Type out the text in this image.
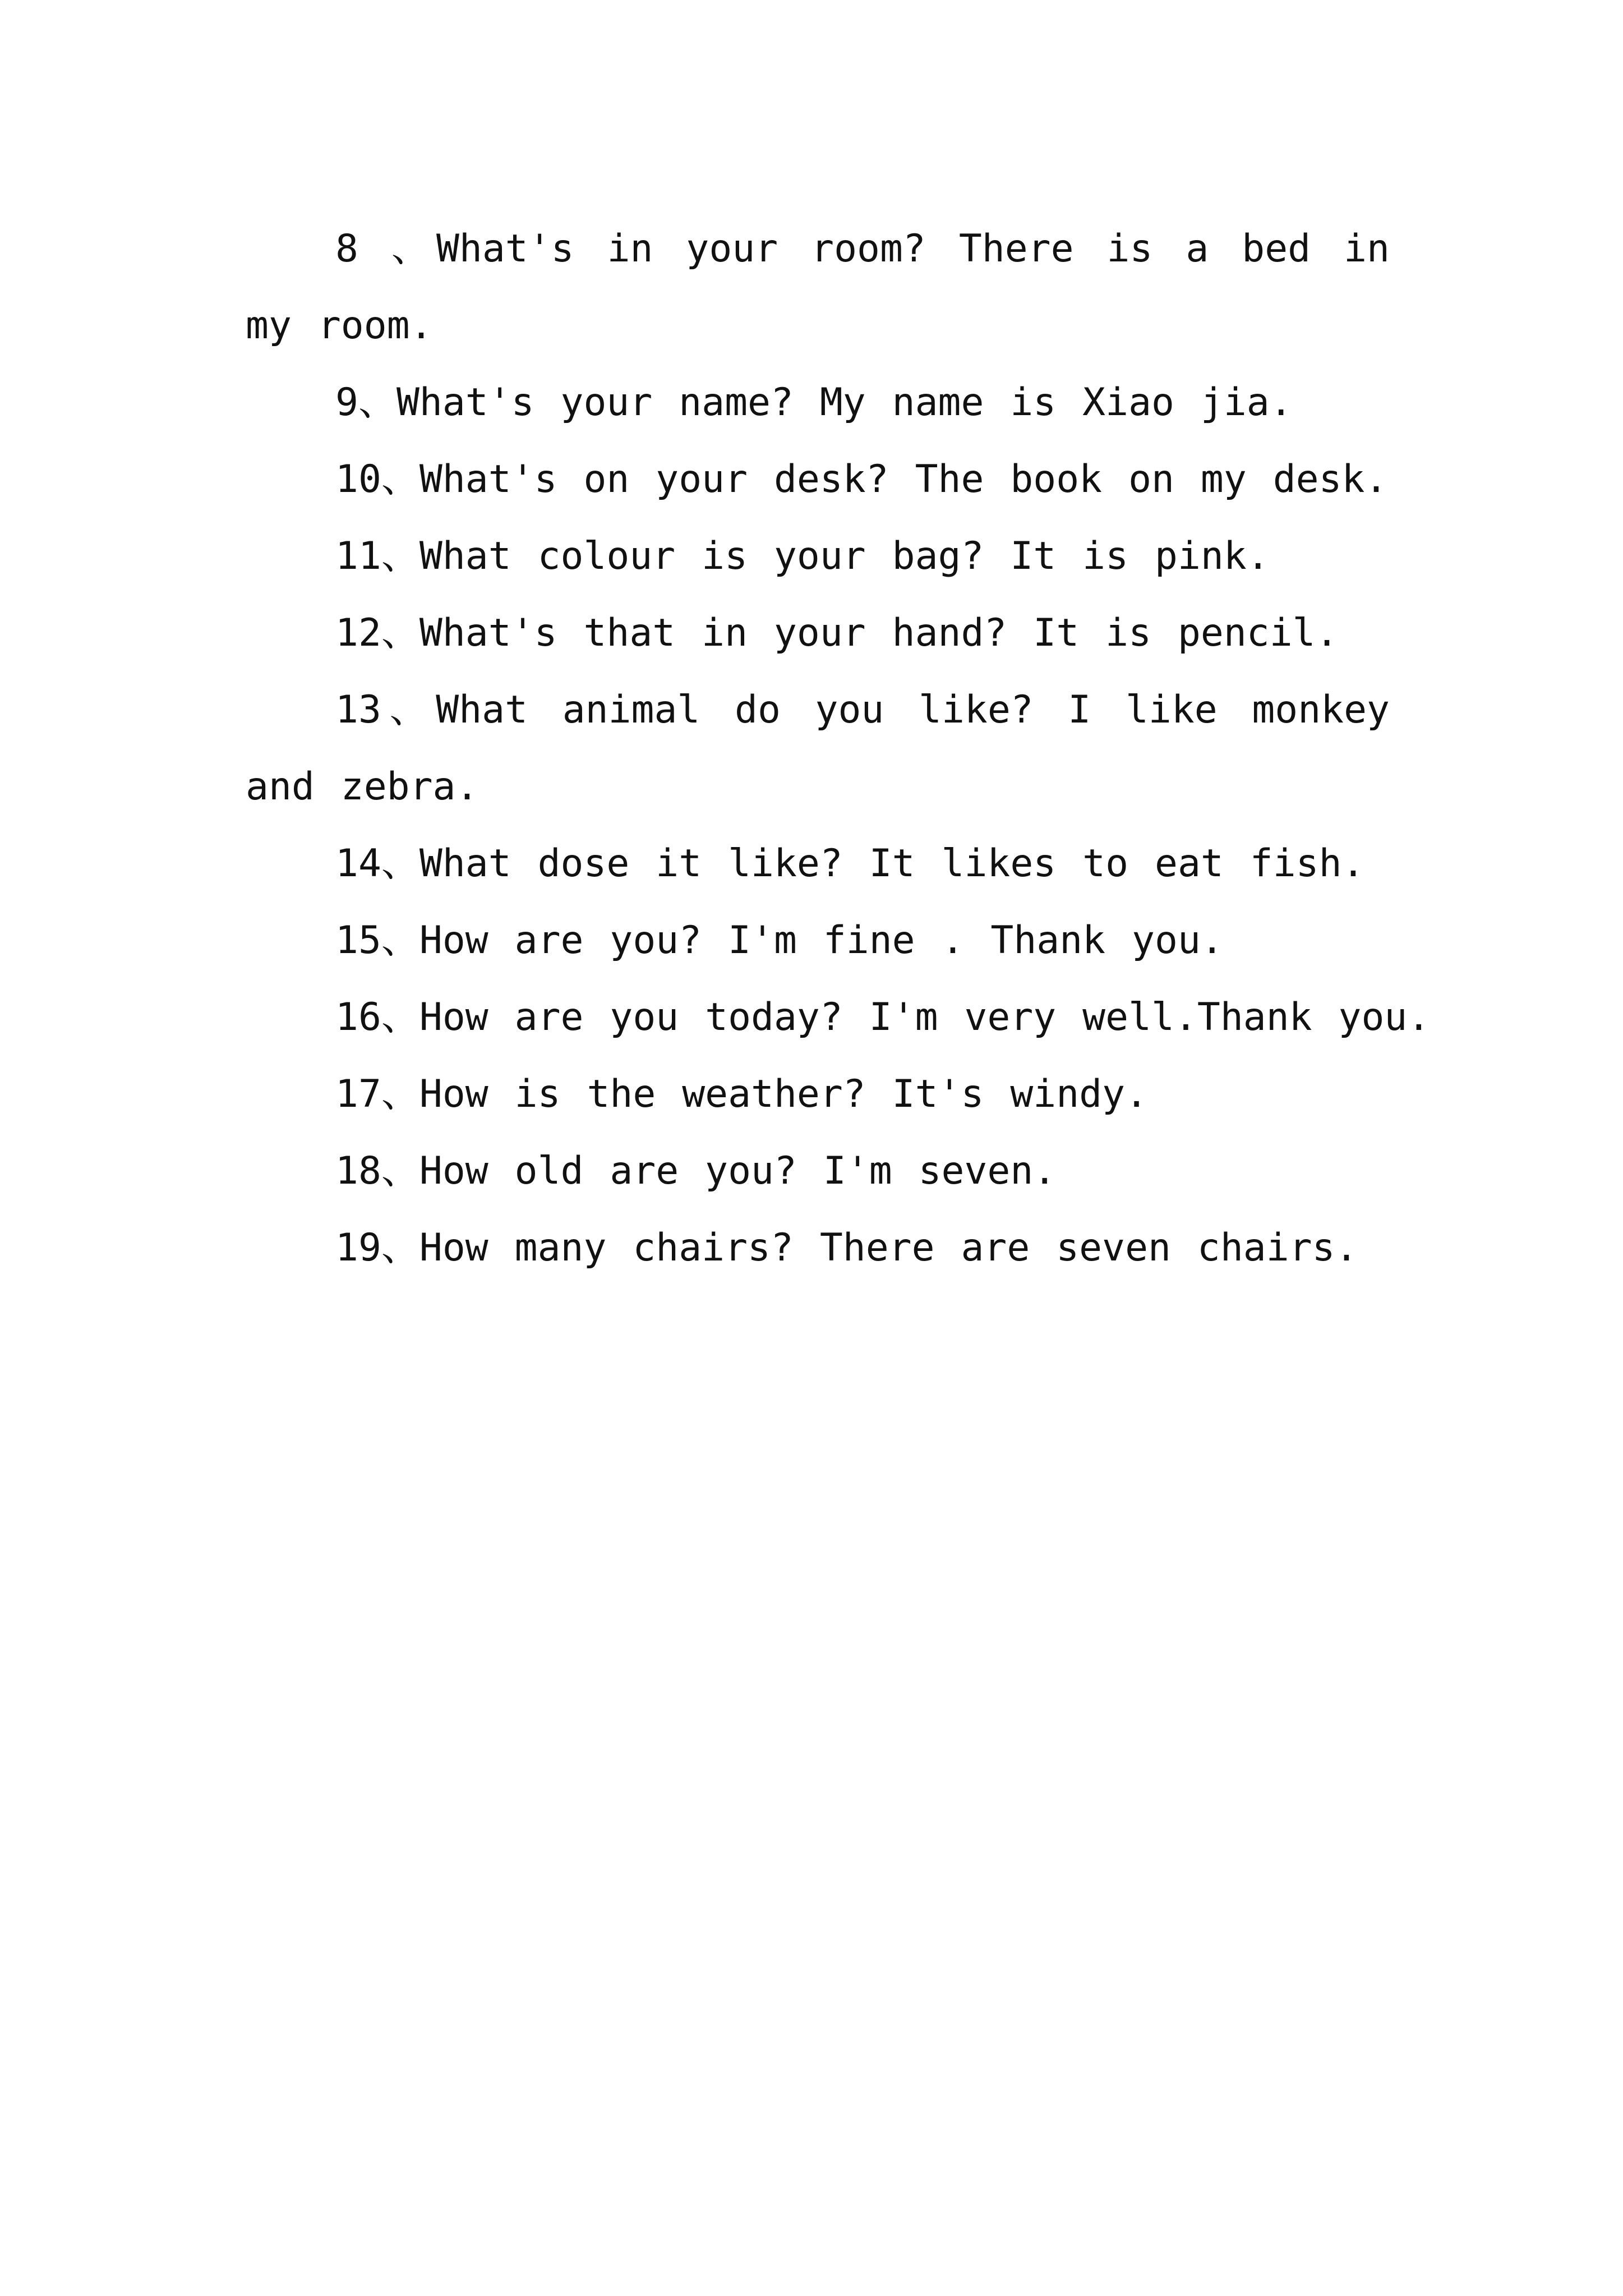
8 、What's in your room? There is a bed in my room.

9、What's your name? My name is Xiao jia.

10、What's on your desk? The book on my desk.

11、What colour is your bag? It is pink.

12、What's that in your hand? It is pencil.

13、What animal do you like? I like monkey and zebra.

14、What dose it like? It likes to eat fish.

15、How are you? I'm fine . Thank you.

16、How are you today? I'm very well.Thank you.

17、How is the weather? It's windy.

18、How old are you? I'm seven.

19、How many chairs? There are seven chairs.
